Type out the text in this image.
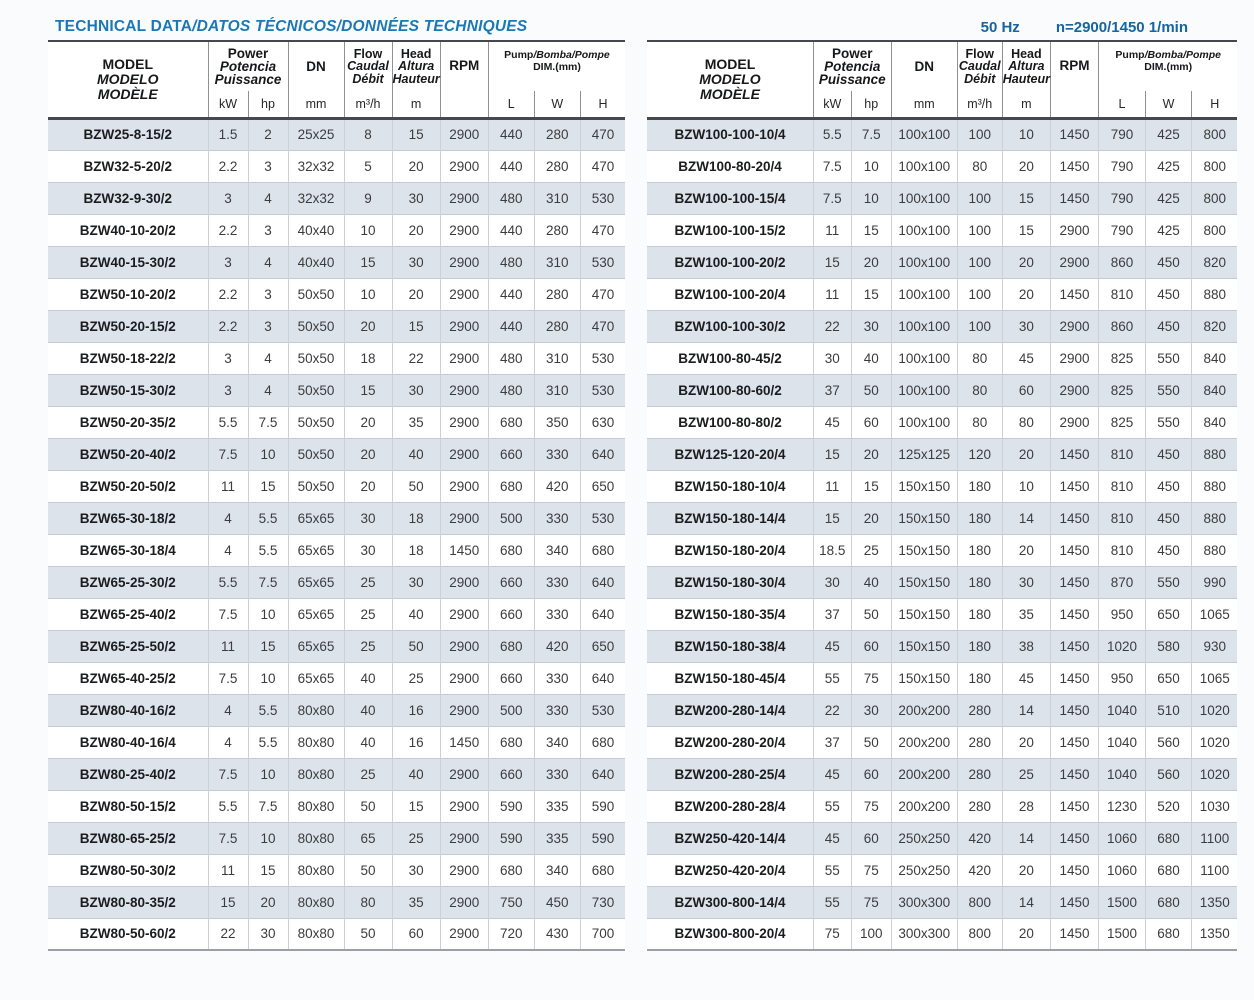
TECHNICAL DATA/DATOS TÉCNICOS/DONNÉES TECHNIQUES	50 Hz n=2900/1450 1/min
MODEL
MODELO
MODÈLE

Power
Potencia
Puissance
	DN	
Flow
Caudal
Débit

Head
Altura
Hauteur
	RPM	
Pump/Bomba/Pompe
DIM.(mm)

	kW	hp	mm	m³/h	m		L	W	H
BZW25-8-15/2	1.5	2	25x25	8	15	2900	440	280	470
BZW32-5-20/2	2.2	3	32x32	5	20	2900	440	280	470
BZW32-9-30/2	3	4	32x32	9	30	2900	480	310	530
BZW40-10-20/2	2.2	3	40x40	10	20	2900	440	280	470
BZW40-15-30/2	3	4	40x40	15	30	2900	480	310	530
BZW50-10-20/2	2.2	3	50x50	10	20	2900	440	280	470
BZW50-20-15/2	2.2	3	50x50	20	15	2900	440	280	470
BZW50-18-22/2	3	4	50x50	18	22	2900	480	310	530
BZW50-15-30/2	3	4	50x50	15	30	2900	480	310	530
BZW50-20-35/2	5.5	7.5	50x50	20	35	2900	680	350	630
BZW50-20-40/2	7.5	10	50x50	20	40	2900	660	330	640
BZW50-20-50/2	11	15	50x50	20	50	2900	680	420	650
BZW65-30-18/2	4	5.5	65x65	30	18	2900	500	330	530
BZW65-30-18/4	4	5.5	65x65	30	18	1450	680	340	680
BZW65-25-30/2	5.5	7.5	65x65	25	30	2900	660	330	640
BZW65-25-40/2	7.5	10	65x65	25	40	2900	660	330	640
BZW65-25-50/2	11	15	65x65	25	50	2900	680	420	650
BZW65-40-25/2	7.5	10	65x65	40	25	2900	660	330	640
BZW80-40-16/2	4	5.5	80x80	40	16	2900	500	330	530
BZW80-40-16/4	4	5.5	80x80	40	16	1450	680	340	680
BZW80-25-40/2	7.5	10	80x80	25	40	2900	660	330	640
BZW80-50-15/2	5.5	7.5	80x80	50	15	2900	590	335	590
BZW80-65-25/2	7.5	10	80x80	65	25	2900	590	335	590
BZW80-50-30/2	11	15	80x80	50	30	2900	680	340	680
BZW80-80-35/2	15	20	80x80	80	35	2900	750	450	730
BZW80-50-60/2	22	30	80x80	50	60	2900	720	430	700
MODEL
MODELO
MODÈLE

Power
Potencia
Puissance
	DN	
Flow
Caudal
Débit

Head
Altura
Hauteur
	RPM	
Pump/Bomba/Pompe
DIM.(mm)

	kW	hp	mm	m³/h	m		L	W	H
BZW100-100-10/4	5.5	7.5	100x100	100	10	1450	790	425	800
BZW100-80-20/4	7.5	10	100x100	80	20	1450	790	425	800
BZW100-100-15/4	7.5	10	100x100	100	15	1450	790	425	800
BZW100-100-15/2	11	15	100x100	100	15	2900	790	425	800
BZW100-100-20/2	15	20	100x100	100	20	2900	860	450	820
BZW100-100-20/4	11	15	100x100	100	20	1450	810	450	880
BZW100-100-30/2	22	30	100x100	100	30	2900	860	450	820
BZW100-80-45/2	30	40	100x100	80	45	2900	825	550	840
BZW100-80-60/2	37	50	100x100	80	60	2900	825	550	840
BZW100-80-80/2	45	60	100x100	80	80	2900	825	550	840
BZW125-120-20/4	15	20	125x125	120	20	1450	810	450	880
BZW150-180-10/4	11	15	150x150	180	10	1450	810	450	880
BZW150-180-14/4	15	20	150x150	180	14	1450	810	450	880
BZW150-180-20/4	18.5	25	150x150	180	20	1450	810	450	880
BZW150-180-30/4	30	40	150x150	180	30	1450	870	550	990
BZW150-180-35/4	37	50	150x150	180	35	1450	950	650	1065
BZW150-180-38/4	45	60	150x150	180	38	1450	1020	580	930
BZW150-180-45/4	55	75	150x150	180	45	1450	950	650	1065
BZW200-280-14/4	22	30	200x200	280	14	1450	1040	510	1020
BZW200-280-20/4	37	50	200x200	280	20	1450	1040	560	1020
BZW200-280-25/4	45	60	200x200	280	25	1450	1040	560	1020
BZW200-280-28/4	55	75	200x200	280	28	1450	1230	520	1030
BZW250-420-14/4	45	60	250x250	420	14	1450	1060	680	1100
BZW250-420-20/4	55	75	250x250	420	20	1450	1060	680	1100
BZW300-800-14/4	55	75	300x300	800	14	1450	1500	680	1350
BZW300-800-20/4	75	100	300x300	800	20	1450	1500	680	1350
